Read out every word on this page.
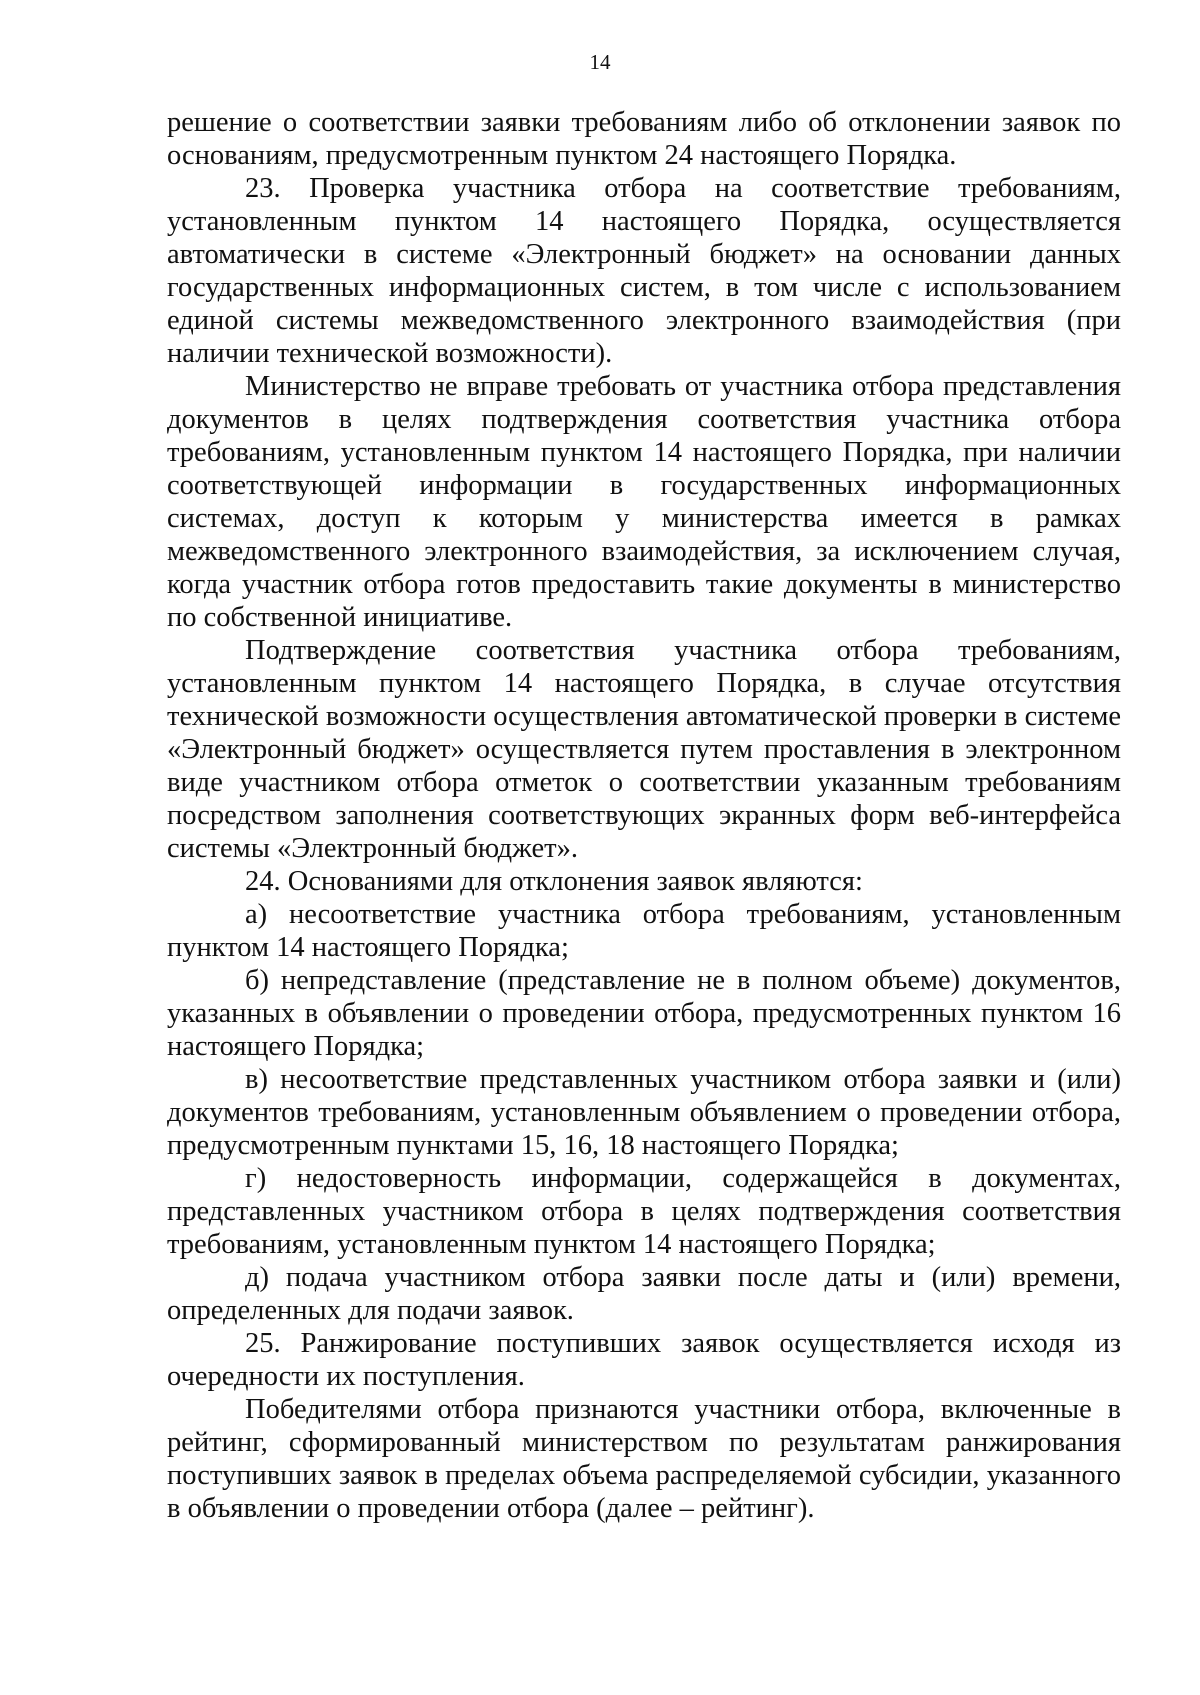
14

решение о соответствии заявки требованиям либо об отклонении заявок по основаниям, предусмотренным пунктом 24 настоящего Порядка.

23. Проверка участника отбора на соответствие требованиям, установленным пунктом 14 настоящего Порядка, осуществляется автоматически в системе «Электронный бюджет» на основании данных государственных информационных систем, в том числе с использованием единой системы межведомственного электронного взаимодействия (при наличии технической возможности).

Министерство не вправе требовать от участника отбора представления документов в целях подтверждения соответствия участника отбора требованиям, установленным пунктом 14 настоящего Порядка, при наличии соответствующей информации в государственных информационных системах, доступ к которым у министерства имеется в рамках межведомственного электронного взаимодействия, за исключением случая, когда участник отбора готов предоставить такие документы в министерство по собственной инициативе.

Подтверждение соответствия участника отбора требованиям, установленным пунктом 14 настоящего Порядка, в случае отсутствия технической возможности осуществления автоматической проверки в системе «Электронный бюджет» осуществляется путем проставления в электронном виде участником отбора отметок о соответствии указанным требованиям посредством заполнения соответствующих экранных форм веб-интерфейса системы «Электронный бюджет».

24. Основаниями для отклонения заявок являются:

а) несоответствие участника отбора требованиям, установленным пунктом 14 настоящего Порядка;

б) непредставление (представление не в полном объеме) документов, указанных в объявлении о проведении отбора, предусмотренных пунктом 16 настоящего Порядка;

в) несоответствие представленных участником отбора заявки и (или) документов требованиям, установленным объявлением о проведении отбора, предусмотренным пунктами 15, 16, 18 настоящего Порядка;

г) недостоверность информации, содержащейся в документах, представленных участником отбора в целях подтверждения соответствия требованиям, установленным пунктом 14 настоящего Порядка;

д) подача участником отбора заявки после даты и (или) времени, определенных для подачи заявок.

25. Ранжирование поступивших заявок осуществляется исходя из очередности их поступления.

Победителями отбора признаются участники отбора, включенные в рейтинг, сформированный министерством по результатам ранжирования поступивших заявок в пределах объема распределяемой субсидии, указанного в объявлении о проведении отбора (далее – рейтинг).
